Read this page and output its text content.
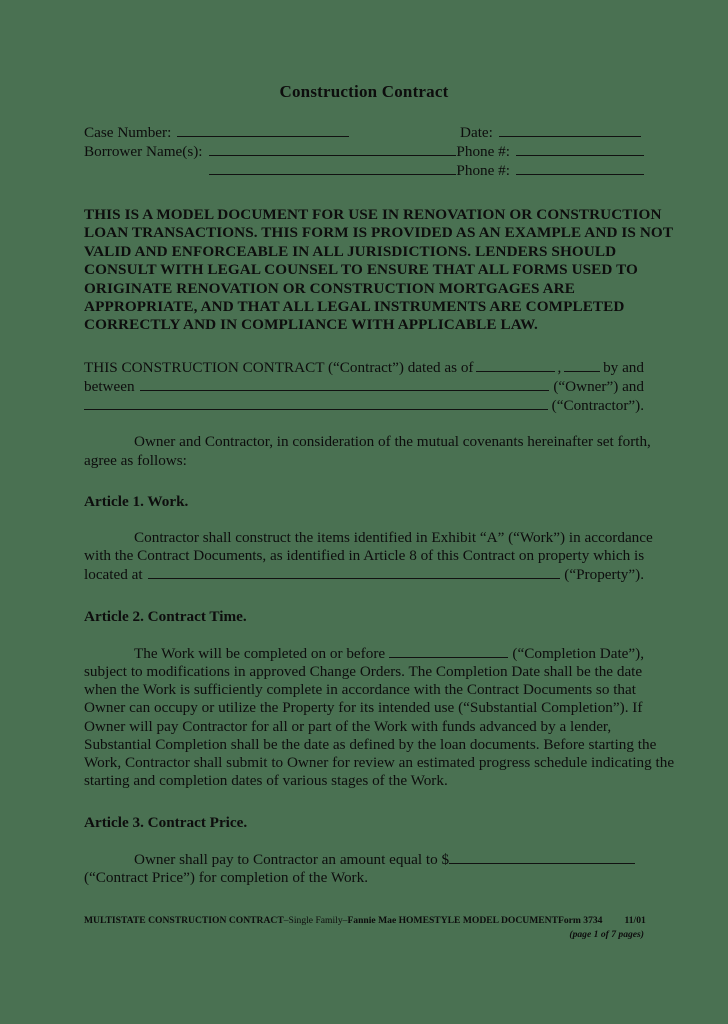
Construction Contract
Case Number:	Date:
Borrower Name(s):	Phone #:
Phone #:
THIS IS A MODEL DOCUMENT FOR USE IN RENOVATION OR CONSTRUCTION
LOAN TRANSACTIONS. THIS FORM IS PROVIDED AS AN EXAMPLE AND IS NOT
VALID AND ENFORCEABLE IN ALL JURISDICTIONS. LENDERS SHOULD
CONSULT WITH LEGAL COUNSEL TO ENSURE THAT ALL FORMS USED TO
ORIGINATE RENOVATION OR CONSTRUCTION MORTGAGES ARE
APPROPRIATE, AND THAT ALL LEGAL INSTRUMENTS ARE COMPLETED
CORRECTLY AND IN COMPLIANCE WITH APPLICABLE LAW.
THIS CONSTRUCTION CONTRACT (“Contract”) dated as of	,	by and
between	(“Owner”) and
(“Contractor”).
Owner and Contractor, in consideration of the mutual covenants hereinafter set forth,
agree as follows:
Article 1. Work.
Contractor shall construct the items identified in Exhibit “A” (“Work”) in accordance
with the Contract Documents, as identified in Article 8 of this Contract on property which is
located at	(“Property”).
Article 2. Contract Time.
The Work will be completed on or before	(“Completion Date”),
subject to modifications in approved Change Orders. The Completion Date shall be the date
when the Work is sufficiently complete in accordance with the Contract Documents so that
Owner can occupy or utilize the Property for its intended use (“Substantial Completion”). If
Owner will pay Contractor for all or part of the Work with funds advanced by a lender,
Substantial Completion shall be the date as defined by the loan documents. Before starting the
Work, Contractor shall submit to Owner for review an estimated progress schedule indicating the
starting and completion dates of various stages of the Work.
Article 3. Contract Price.
Owner shall pay to Contractor an amount equal to $
(“Contract Price”) for completion of the Work.
MULTISTATE CONSTRUCTION CONTRACT – Single Family – Fannie Mae HOMESTYLE MODEL DOCUMENT Form 3734 11/01
(page 1 of 7 pages)
